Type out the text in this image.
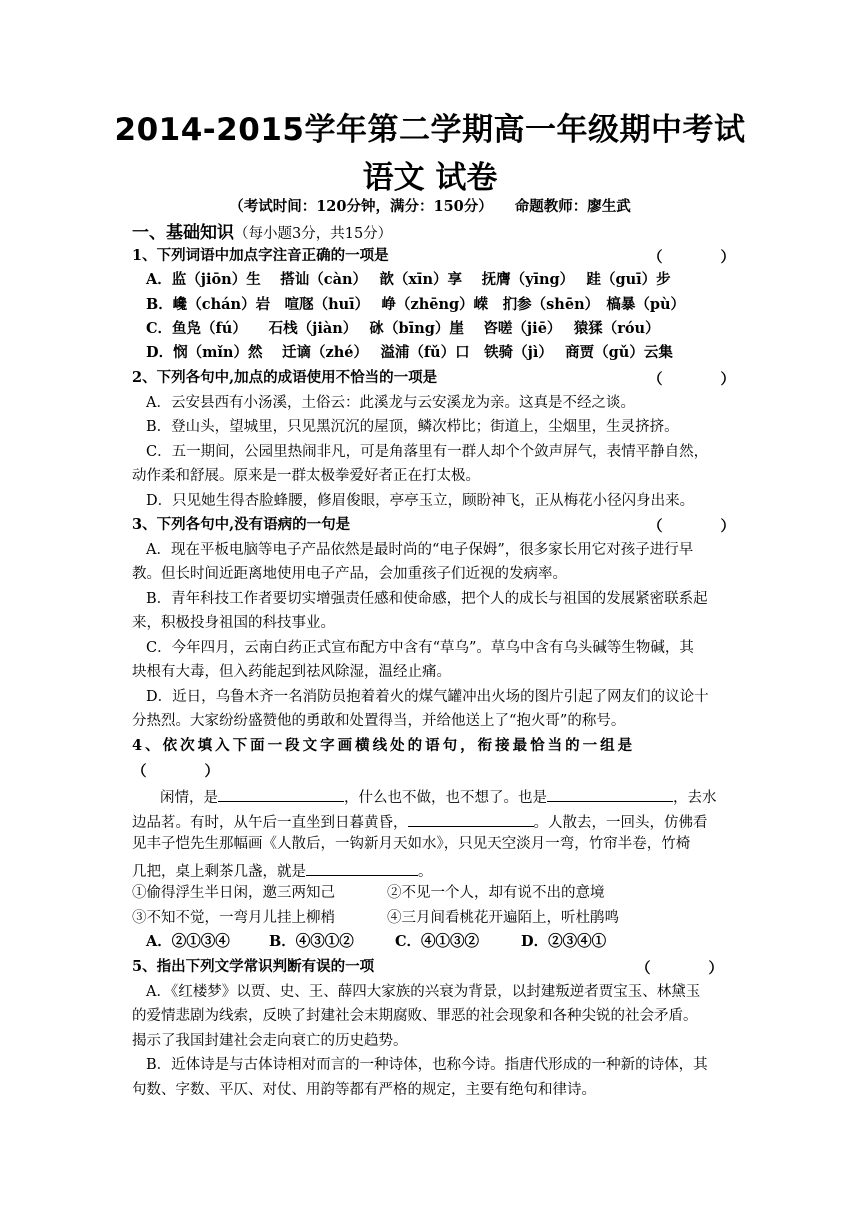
2014-2015学年第二学期高一年级期中考试
语文 试卷
（考试时间：120分钟，满分：150分） 命题教师：廖生武
一、基础知识（每小题3分，共15分）
1、下列词语中加点字注音正确的一项是	（　　　　）
A．监（jiōn）生　 搭讪（càn）　 歆（xīn）享　 抚膺（yīng）　 跬（guī）步
B．巉（chán）岩　喧豗（huī）　 峥（zhēng）嵘　扪参（shēn）　槁暴（pù）
C．鱼凫（fú）　　石栈（jiàn）　 砯（bīng）崖　 咨嗟（jiē）　 猿猱（róu）
D．悯（mǐn）然　 迁谪（zhé）　 溢浦（fǔ）口　铁骑（jì）　 商贾（gǔ）云集
2、下列各句中,加点的成语使用不恰当的一项是	（　　　　）
A．云安县西有小汤溪，土俗云：此溪龙与云安溪龙为亲。这真是不经之谈。
B．登山头，望城里，只见黑沉沉的屋顶，鳞次栉比；街道上，尘烟里，生灵挤挤。
C．五一期间，公园里热闹非凡，可是角落里有一群人却个个敛声屏气，表情平静自然，
动作柔和舒展。原来是一群太极拳爱好者正在打太极。
D．只见她生得杏脸蜂腰，修眉俊眼，亭亭玉立，顾盼神飞，正从梅花小径闪身出来。
3、下列各句中,没有语病的一句是	（　　　　）
A．现在平板电脑等电子产品依然是最时尚的“电子保姆”，很多家长用它对孩子进行早
教。但长时间近距离地使用电子产品，会加重孩子们近视的发病率。
B．青年科技工作者要切实增强责任感和使命感，把个人的成长与祖国的发展紧密联系起
来，积极投身祖国的科技事业。
C．今年四月，云南白药正式宣布配方中含有“草乌”。草乌中含有乌头碱等生物碱，其
块根有大毒，但入药能起到祛风除湿，温经止痛。
D．近日，乌鲁木齐一名消防员抱着着火的煤气罐冲出火场的图片引起了网友们的议论十
分热烈。大家纷纷盛赞他的勇敢和处置得当，并给他送上了“抱火哥”的称号。
4、依次填入下面一段文字画横线处的语句，衔接最恰当的一组是
（　　　　）
闲情，是	，什么也不做，也不想了。也是	，去水
边品茗。有时，从午后一直坐到日暮黄昏，	。人散去，一回头，仿佛看
见丰子恺先生那幅画《人散后，一钩新月天如水》，只见天空淡月一弯，竹帘半卷，竹椅
几把，桌上剩茶几盏，就是	。
①偷得浮生半日闲，邀三两知己	②不见一个人，却有说不出的意境
③不知不觉，一弯月儿挂上柳梢	④三月间看桃花开遍陌上，听杜鹃鸣
A．②①③④	B．④③①②	C．④①③②	D．②③④①
5、指出下列文学常识判断有误的一项	（　　　　）
A．《红楼梦》以贾、史、王、薛四大家族的兴衰为背景，以封建叛逆者贾宝玉、林黛玉
的爱情悲剧为线索，反映了封建社会末期腐败、罪恶的社会现象和各种尖锐的社会矛盾。
揭示了我国封建社会走向衰亡的历史趋势。
B．近体诗是与古体诗相对而言的一种诗体，也称今诗。指唐代形成的一种新的诗体，其
句数、字数、平仄、对仗、用韵等都有严格的规定，主要有绝句和律诗。
